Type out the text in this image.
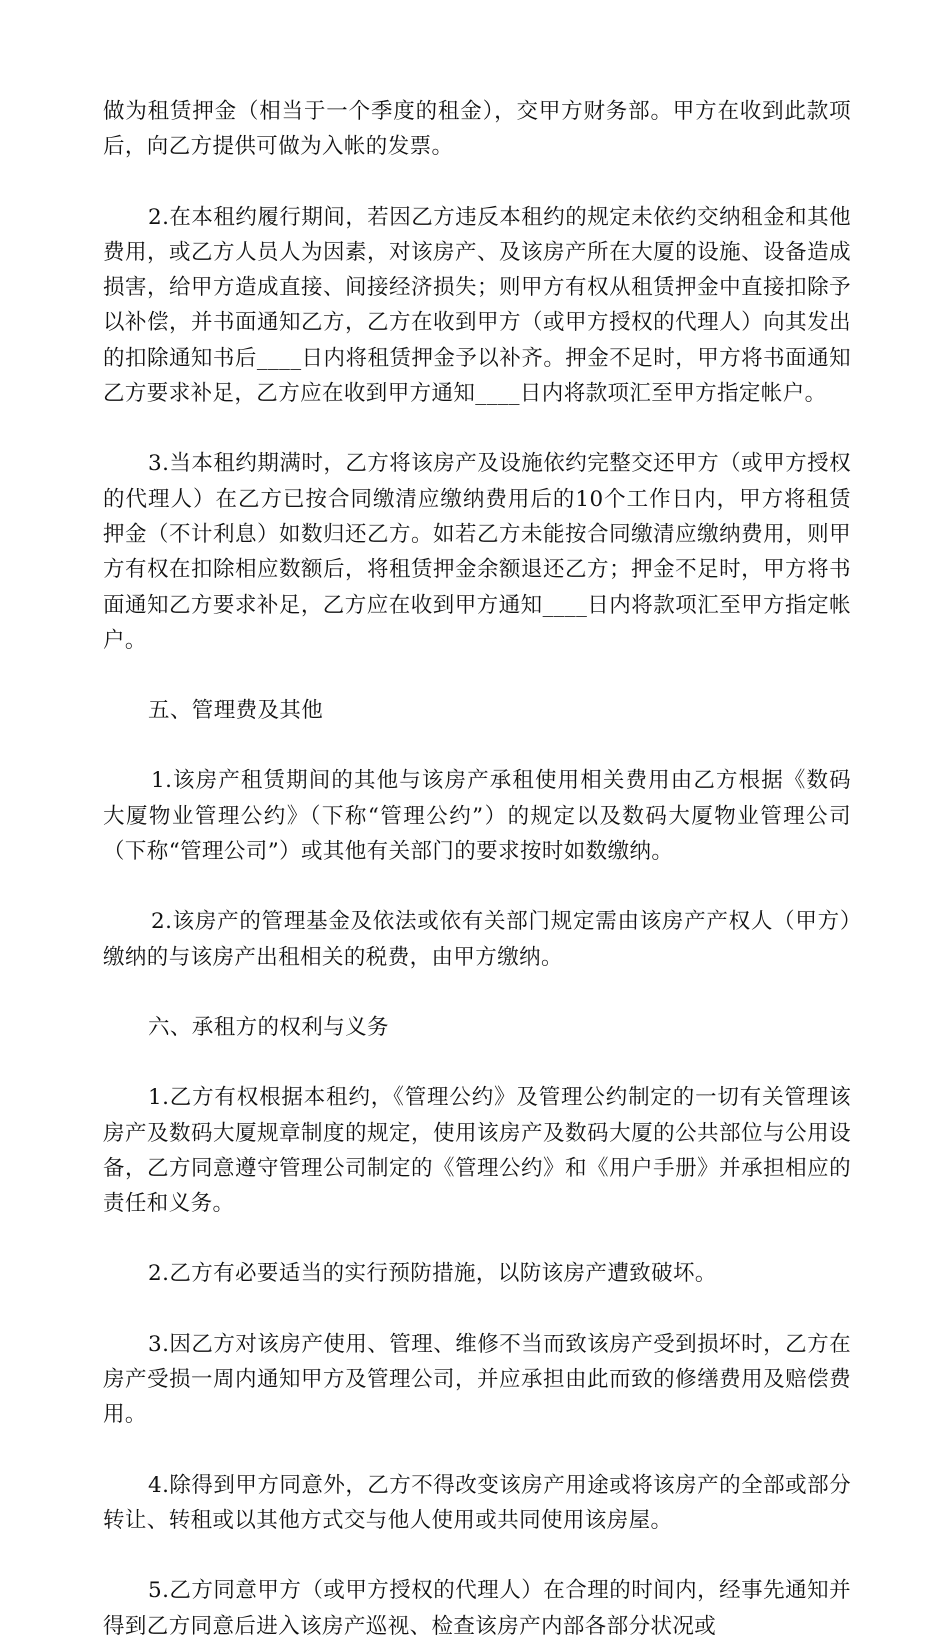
做为租赁押金（相当于一个季度的租金），交甲方财务部。甲方在收到此款项后，向乙方提供可做为入帐的发票。

2.在本租约履行期间，若因乙方违反本租约的规定未依约交纳租金和其他费用，或乙方人员人为因素，对该房产、及该房产所在大厦的设施、设备造成损害，给甲方造成直接、间接经济损失；则甲方有权从租赁押金中直接扣除予以补偿，并书面通知乙方，乙方在收到甲方（或甲方授权的代理人）向其发出的扣除通知书后____日内将租赁押金予以补齐。押金不足时，甲方将书面通知乙方要求补足，乙方应在收到甲方通知____日内将款项汇至甲方指定帐户。

3.当本租约期满时，乙方将该房产及设施依约完整交还甲方（或甲方授权的代理人）在乙方已按合同缴清应缴纳费用后的10个工作日内，甲方将租赁押金（不计利息）如数归还乙方。如若乙方未能按合同缴清应缴纳费用，则甲方有权在扣除相应数额后，将租赁押金余额退还乙方；押金不足时，甲方将书面通知乙方要求补足，乙方应在收到甲方通知____日内将款项汇至甲方指定帐户。

五、管理费及其他

1.该房产租赁期间的其他与该房产承租使用相关费用由乙方根据《数码大厦物业管理公约》（下称“管理公约”）的规定以及数码大厦物业管理公司（下称“管理公司”）或其他有关部门的要求按时如数缴纳。

2.该房产的管理基金及依法或依有关部门规定需由该房产产权人（甲方）缴纳的与该房产出租相关的税费，由甲方缴纳。

六、承租方的权利与义务

1.乙方有权根据本租约，《管理公约》及管理公约制定的一切有关管理该房产及数码大厦规章制度的规定，使用该房产及数码大厦的公共部位与公用设备，乙方同意遵守管理公司制定的《管理公约》和《用户手册》并承担相应的责任和义务。

2.乙方有必要适当的实行预防措施，以防该房产遭致破坏。

3.因乙方对该房产使用、管理、维修不当而致该房产受到损坏时，乙方在房产受损一周内通知甲方及管理公司，并应承担由此而致的修缮费用及赔偿费用。

4.除得到甲方同意外，乙方不得改变该房产用途或将该房产的全部或部分转让、转租或以其他方式交与他人使用或共同使用该房屋。

5.乙方同意甲方（或甲方授权的代理人）在合理的时间内，经事先通知并得到乙方同意后进入该房产巡视、检查该房产内部各部分状况或
